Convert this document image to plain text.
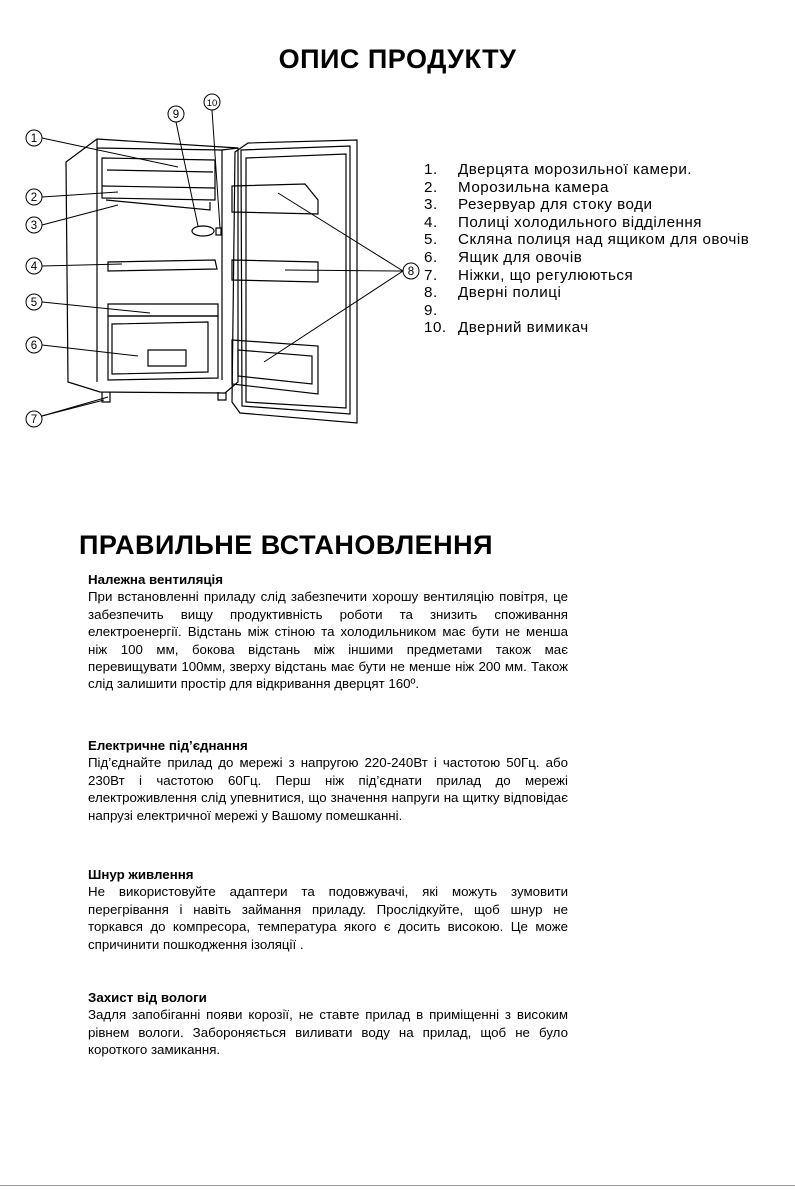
ОПИС ПРОДУКТУ
1
2
3
4
5
6
7
8
9
10
1. Дверцята морозильної камери.
2. Морозильна камера
3. Резервуар для стоку води
4. Полиці холодильного відділення
5. Скляна полиця над ящиком для овочів
6. Ящик для овочів
7. Ніжки, що регулюються
8. Дверні полиці
9.
10. Дверний вимикач
ПРАВИЛЬНЕ ВСТАНОВЛЕННЯ
Належна вентиляція

При встановленні приладу слід забезпечити хорошу вентиляцію повітря, це забезпечить вищу продуктивність роботи та знизить споживання електроенергії. Відстань між стіною та холодильником має бути не менша ніж 100 мм, бокова відстань між іншими предметами також має перевищувати 100мм, зверху відстань має бути не менше ніж 200 мм. Також слід залишити простір для відкривання дверцят 160º.

Електричне під’єднання

Під’єднайте прилад до мережі з напругою 220-240Вт і частотою 50Гц. або 230Вт і частотою 60Гц. Перш ніж під’єднати прилад до мережі електроживлення слід упевнитися, що значення напруги на щитку відповідає напрузі електричної мережі у Вашому помешканні.

Шнур живлення

Не використовуйте адаптери та подовжувачі, які можуть зумовити перегрівання і навіть займання приладу. Прослідкуйте, щоб шнур не торкався до компресора, температура якого є досить високою. Це може спричинити пошкодження ізоляції .

Захист від вологи

Задля запобіганні появи корозії, не ставте прилад в приміщенні з високим рівнем вологи. Забороняється виливати воду на прилад, щоб не було короткого замикання.
